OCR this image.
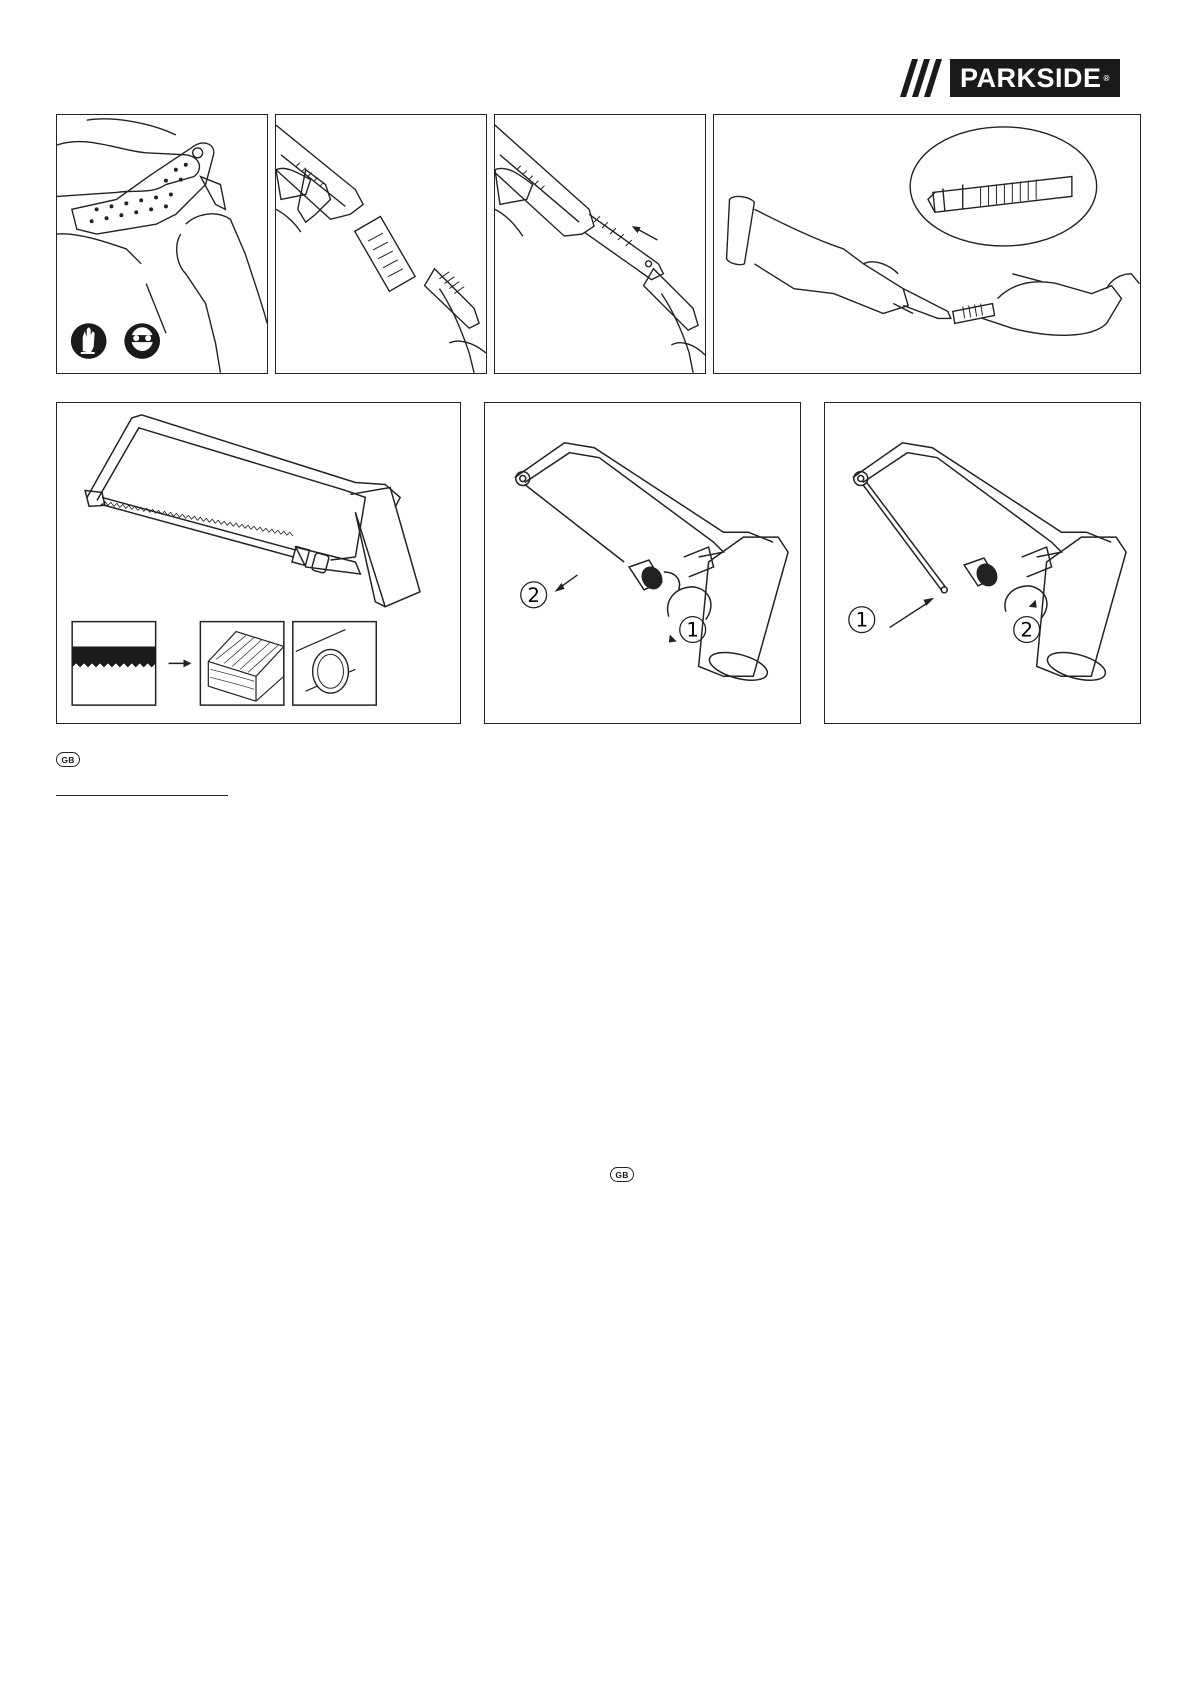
PARKSIDE ®
2
1	1	2
GB
GB
